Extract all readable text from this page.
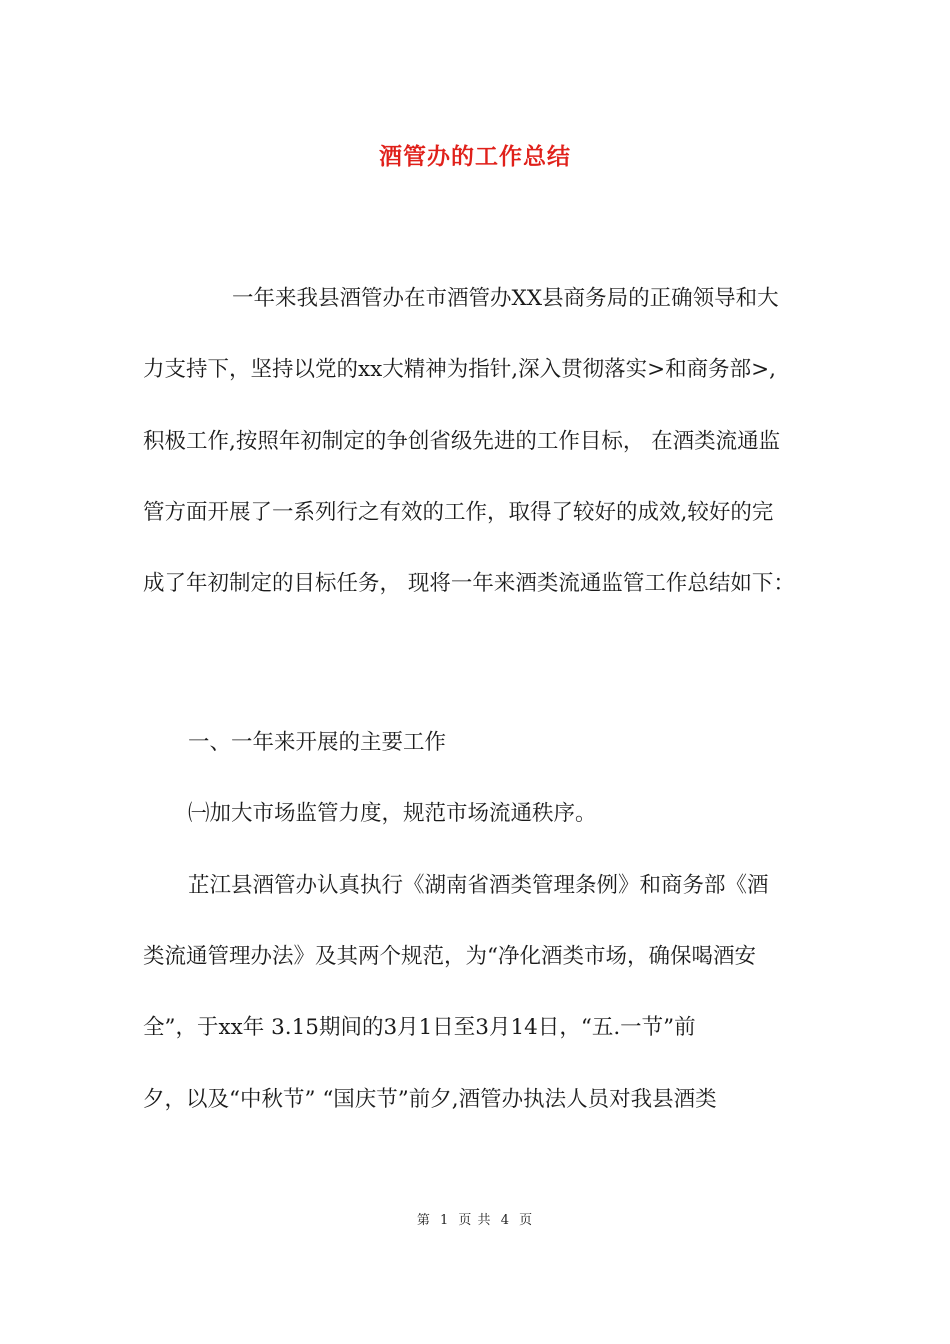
酒管办的工作总结

一年来我县酒管办在市酒管办XX县商务局的正确领导和大

力支持下，坚持以党的xx大精神为指针,深入贯彻落实>和商务部>,

积极工作,按照年初制定的争创省级先进的工作目标， 在酒类流通监

管方面开展了一系列行之有效的工作，取得了较好的成效,较好的完

成了年初制定的目标任务， 现将一年来酒类流通监管工作总结如下：

一、一年来开展的主要工作

㈠加大市场监管力度，规范市场流通秩序。

芷江县酒管办认真执行《湖南省酒类管理条例》和商务部《酒

类流通管理办法》及其两个规范，为“净化酒类市场，确保喝酒安

全”，于xx年 3.15期间的3月1日至3月14日，“五.一节”前

夕，以及“中秋节” “国庆节”前夕,酒管办执法人员对我县酒类

第 1 页 共 4 页
